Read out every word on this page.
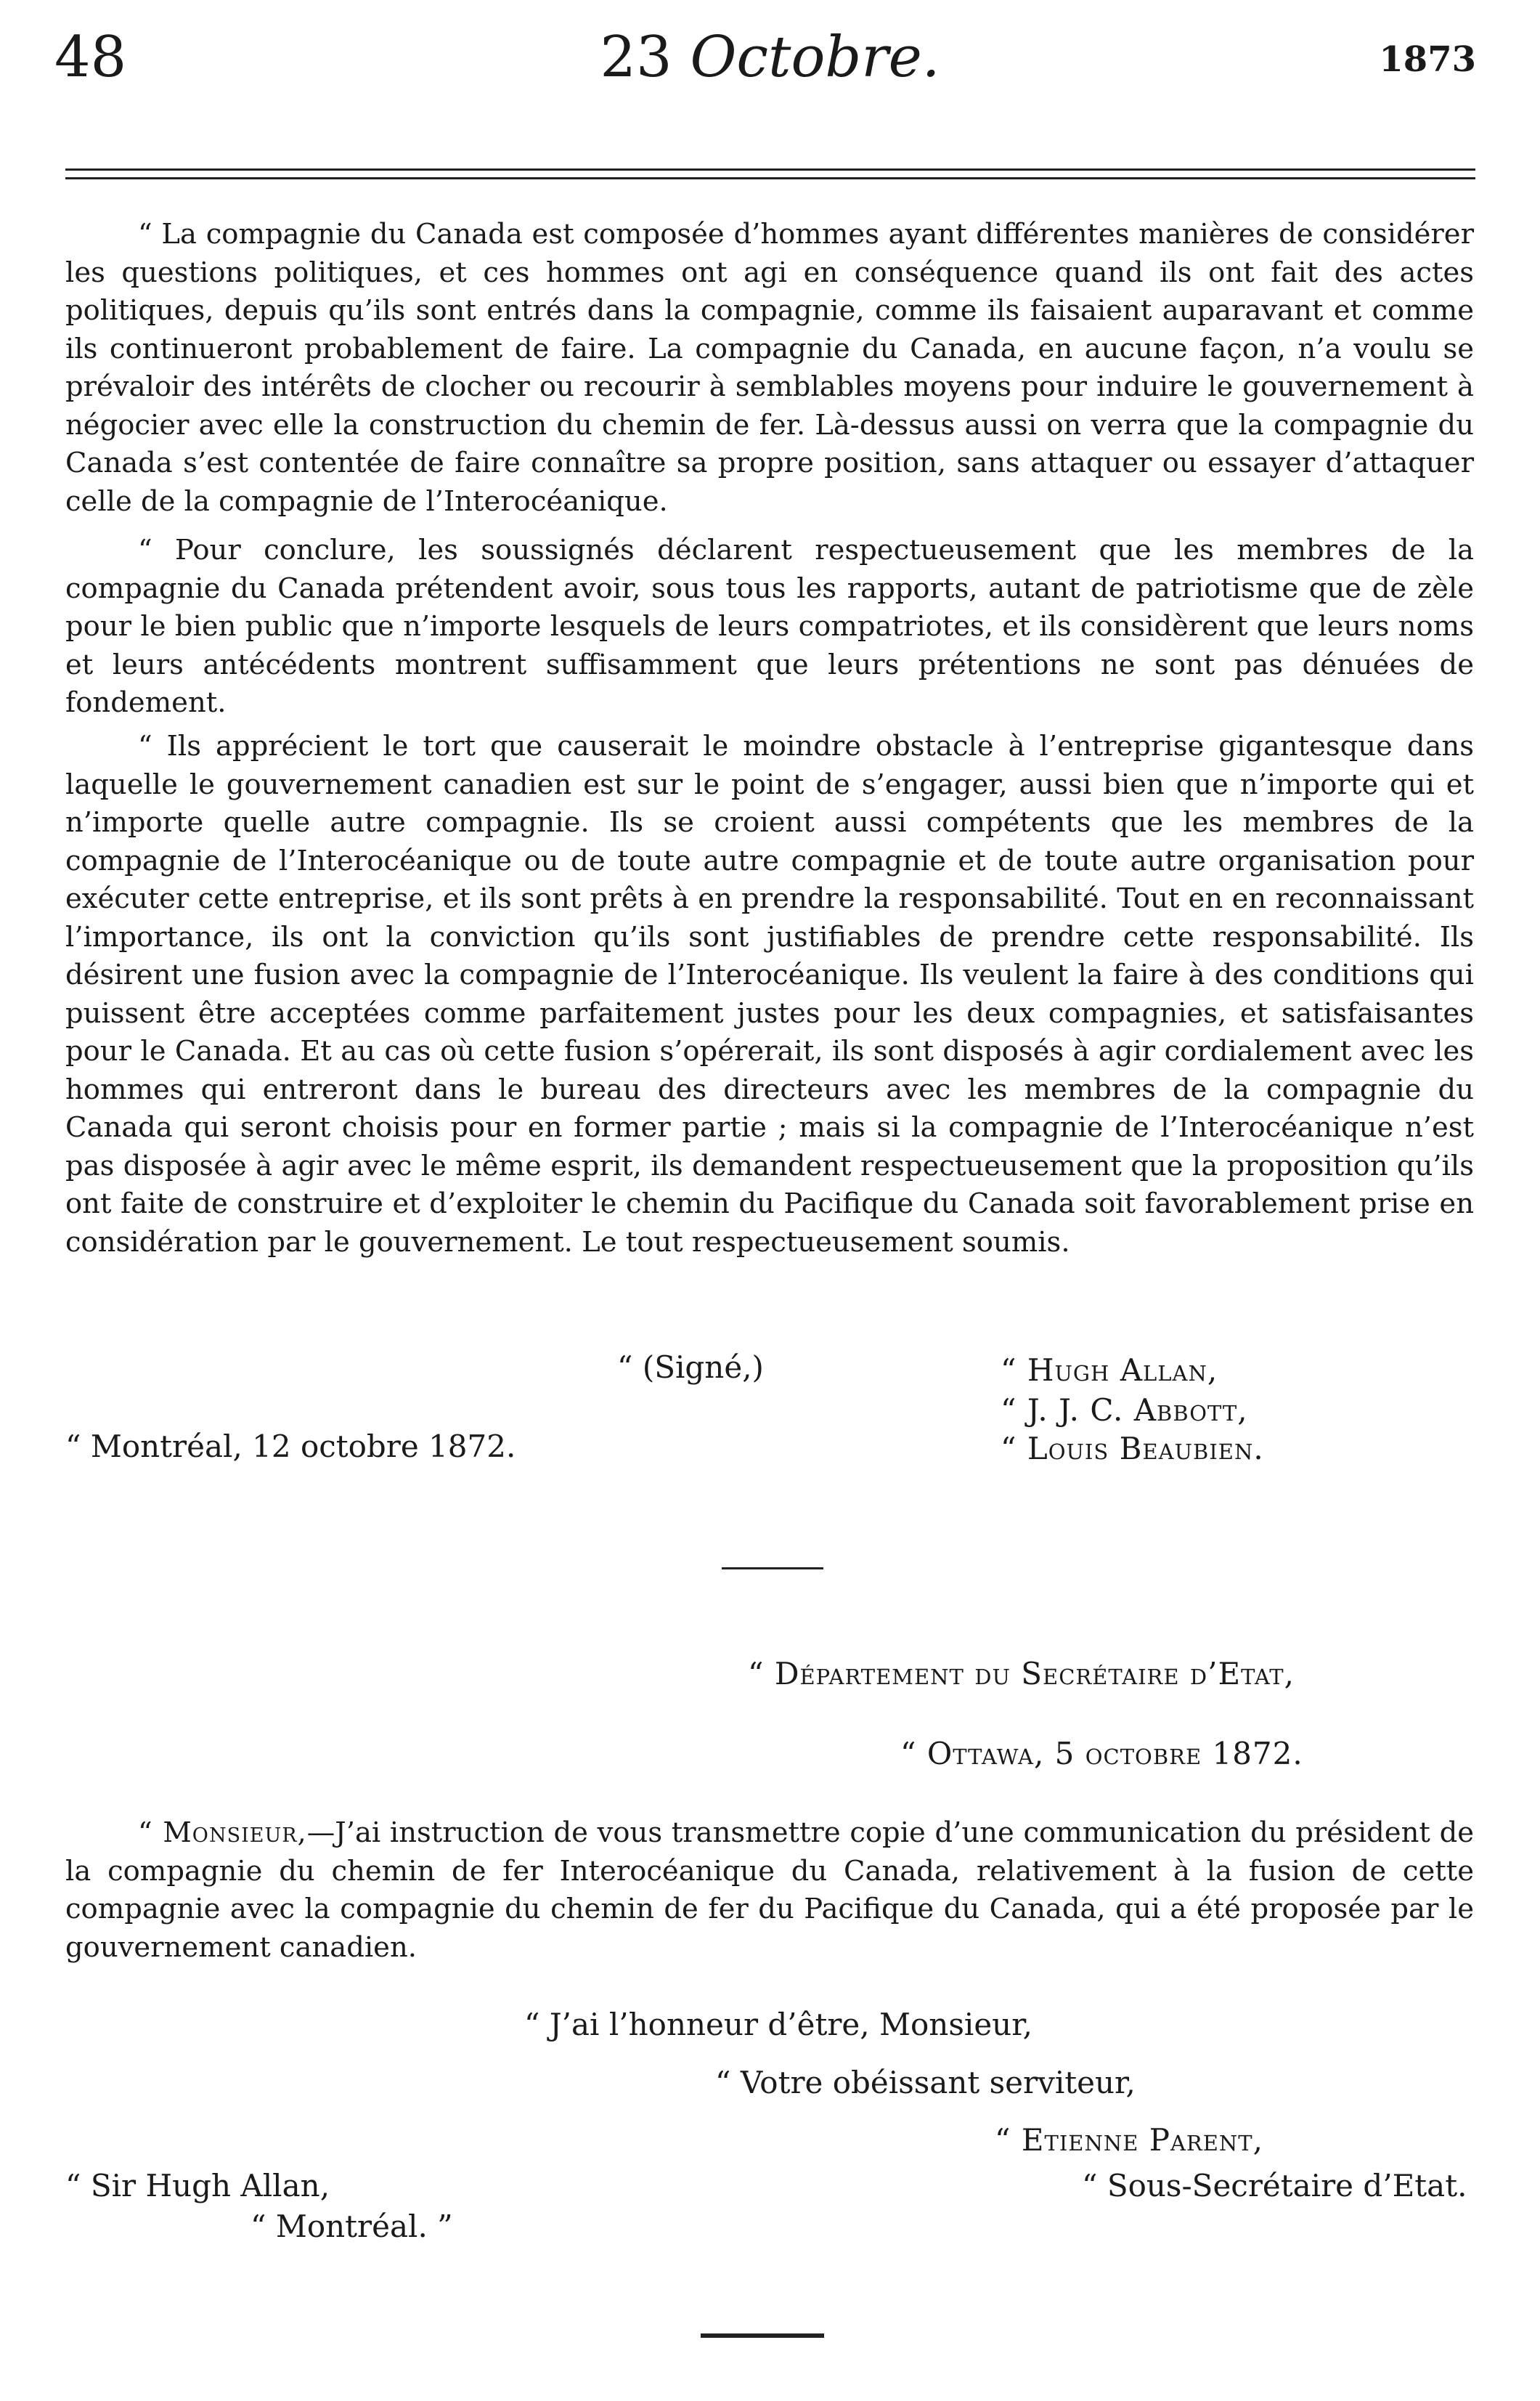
48	23 Octobre.	1873

“ La compagnie du Canada est composée d’hommes ayant différentes manières de considérer les questions politiques, et ces hommes ont agi en conséquence quand ils ont fait des actes politiques, depuis qu’ils sont entrés dans la compagnie, comme ils faisaient auparavant et comme ils continueront probablement de faire. La compagnie du Canada, en aucune façon, n’a voulu se prévaloir des intérêts de clocher ou recourir à semblables moyens pour induire le gouvernement à négocier avec elle la construction du chemin de fer. Là-dessus aussi on verra que la compagnie du Canada s’est contentée de faire connaître sa propre position, sans attaquer ou essayer d’attaquer celle de la compagnie de l’Interocéanique.

“ Pour conclure, les soussignés déclarent respectueusement que les membres de la compagnie du Canada prétendent avoir, sous tous les rapports, autant de patriotisme que de zèle pour le bien public que n’importe lesquels de leurs compatriotes, et ils considèrent que leurs noms et leurs antécédents montrent suffisamment que leurs prétentions ne sont pas dénuées de fondement.

“ Ils apprécient le tort que causerait le moindre obstacle à l’entreprise gigantesque dans laquelle le gouvernement canadien est sur le point de s’engager, aussi bien que n’importe qui et n’importe quelle autre compagnie. Ils se croient aussi compétents que les membres de la compagnie de l’Interocéanique ou de toute autre compagnie et de toute autre organisation pour exécuter cette entreprise, et ils sont prêts à en prendre la responsabilité. Tout en en reconnaissant l’importance, ils ont la conviction qu’ils sont justifiables de prendre cette responsabilité. Ils désirent une fusion avec la compagnie de l’Interocéanique. Ils veulent la faire à des conditions qui puissent être acceptées comme parfaitement justes pour les deux compagnies, et satisfaisantes pour le Canada. Et au cas où cette fusion s’opérerait, ils sont disposés à agir cordialement avec les hommes qui entreront dans le bureau des directeurs avec les membres de la compagnie du Canada qui seront choisis pour en former partie ; mais si la compagnie de l’Interocéanique n’est pas disposée à agir avec le même esprit, ils demandent respectueusement que la proposition qu’ils ont faite de construire et d’exploiter le chemin du Pacifique du Canada soit favorablement prise en considération par le gouvernement. Le tout respectueusement soumis.

“ (Signé,)	“ Hugh Allan,
“ J. J. C. Abbott,
“ Louis Beaubien.
“ Montréal, 12 octobre 1872.
“ Département du Secrétaire d’Etat,
“ Ottawa, 5 octobre 1872.

“ Monsieur,—J’ai instruction de vous transmettre copie d’une communication du président de la compagnie du chemin de fer Interocéanique du Canada, relativement à la fusion de cette compagnie avec la compagnie du chemin de fer du Pacifique du Canada, qui a été proposée par le gouvernement canadien.

“ J’ai l’honneur d’être, Monsieur,
“ Votre obéissant serviteur,
“ Etienne Parent,
“ Sous-Secrétaire d’Etat.
“ Sir Hugh Allan,
“ Montréal. ”
